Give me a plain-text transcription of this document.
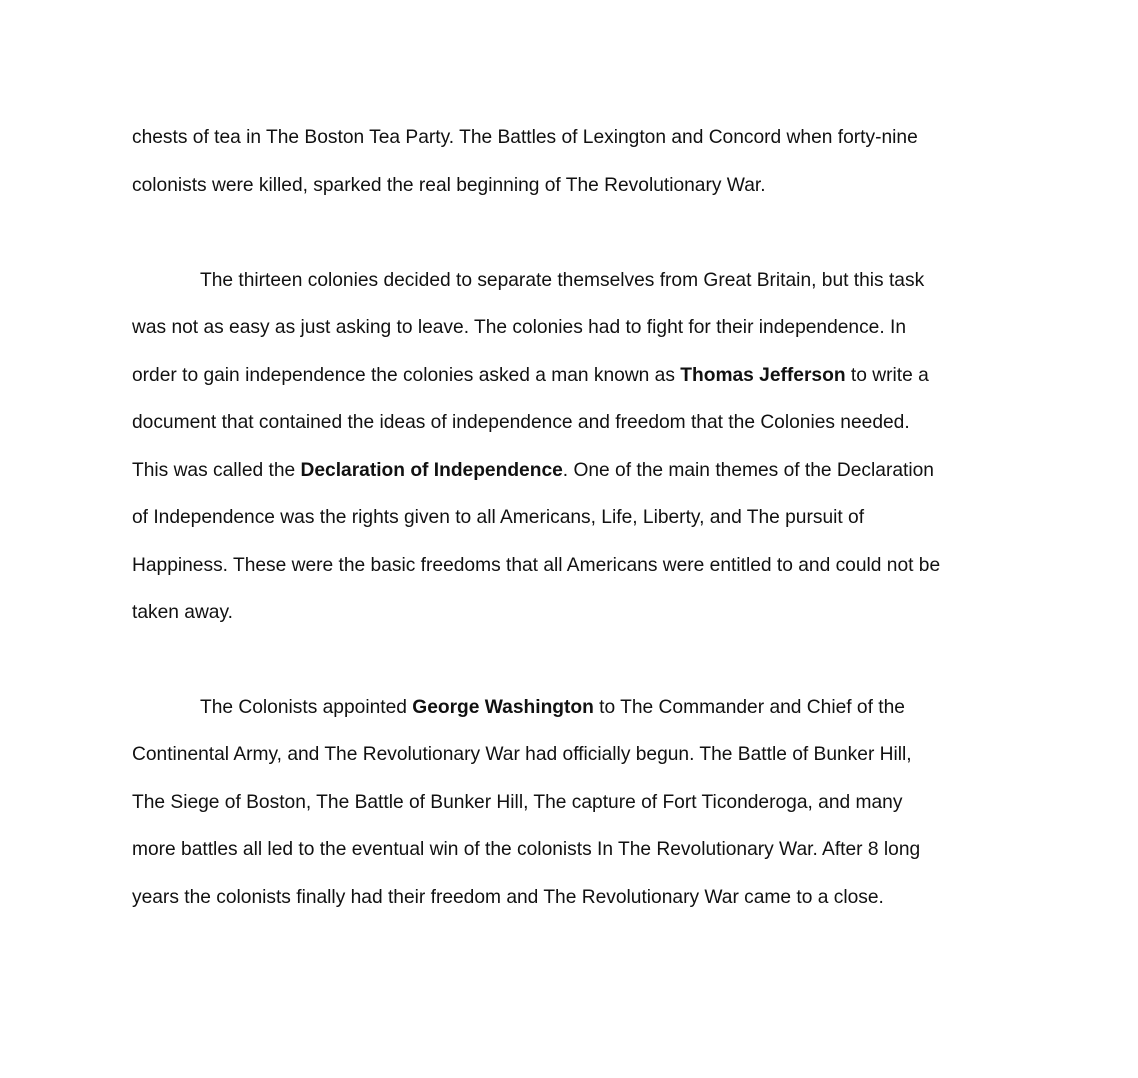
chests of tea in The Boston Tea Party. The Battles of Lexington and Concord when forty-nine
colonists were killed, sparked the real beginning of The Revolutionary War.
The thirteen colonies decided to separate themselves from Great Britain, but this task
was not as easy as just asking to leave. The colonies had to fight for their independence. In
order to gain independence the colonies asked a man known as Thomas Jefferson to write a
document that contained the ideas of independence and freedom that the Colonies needed.
This was called the Declaration of Independence. One of the main themes of the Declaration
of Independence was the rights given to all Americans, Life, Liberty, and The pursuit of
Happiness. These were the basic freedoms that all Americans were entitled to and could not be
taken away.
The Colonists appointed George Washington to The Commander and Chief of the
Continental Army, and The Revolutionary War had officially begun. The Battle of Bunker Hill,
The Siege of Boston, The Battle of Bunker Hill, The capture of Fort Ticonderoga, and many
more battles all led to the eventual win of the colonists In The Revolutionary War. After 8 long
years the colonists finally had their freedom and The Revolutionary War came to a close.
